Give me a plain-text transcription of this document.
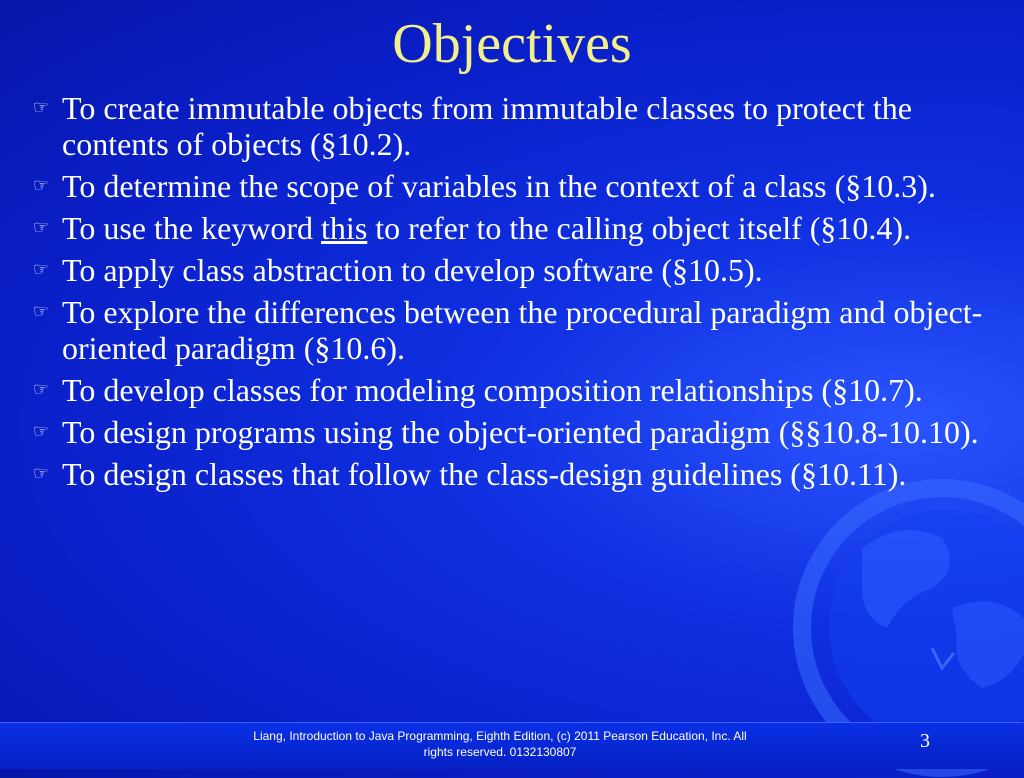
Objectives
☞ To create immutable objects from immutable classes to protect the contents of objects (§10.2).
☞ To determine the scope of variables in the context of a class (§10.3).
☞ To use the keyword this to refer to the calling object itself (§10.4).
☞ To apply class abstraction to develop software (§10.5).
☞ To explore the differences between the procedural paradigm and object-oriented paradigm (§10.6).
☞ To develop classes for modeling composition relationships (§10.7).
☞ To design programs using the object-oriented paradigm (§§10.8-10.10).
☞ To design classes that follow the class-design guidelines (§10.11).
Liang, Introduction to Java Programming, Eighth Edition, (c) 2011 Pearson Education, Inc. All
rights reserved. 0132130807	3
